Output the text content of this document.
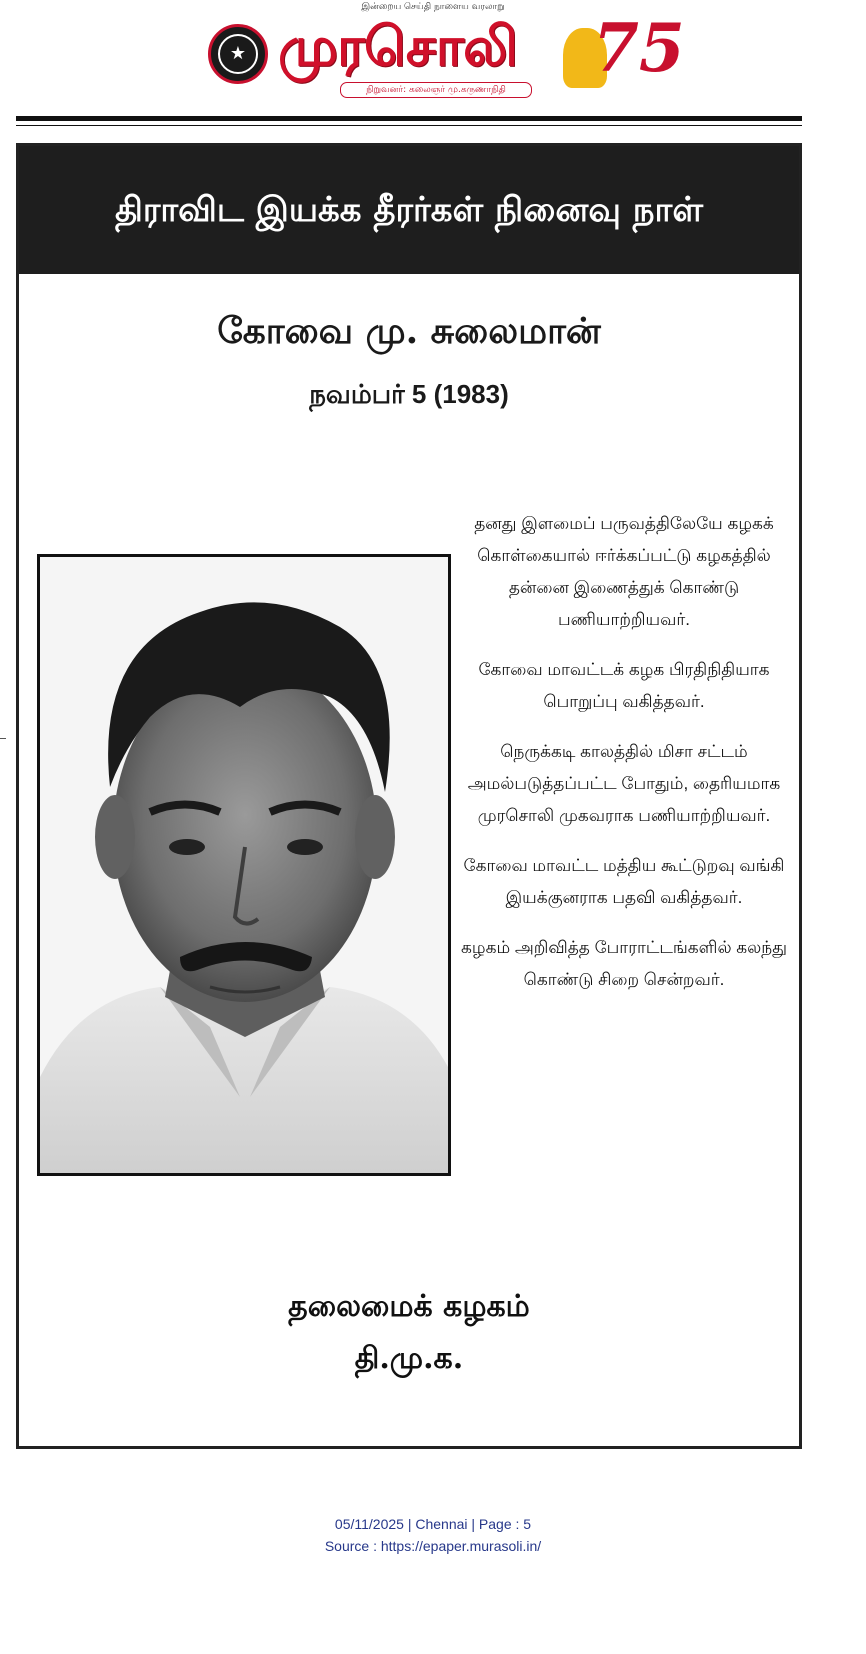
இன்றைய செய்தி நாளைய வரலாறு
★ முரசொலி
நிறுவனர்: கலைஞர் மு.கருணாநிதி
75
திராவிட இயக்க தீரர்கள் நினைவு நாள்
கோவை மு. சுலைமான்
நவம்பர் 5 (1983)

தனது இளமைப் பருவத்திலேயே கழகக் கொள்கையால் ஈர்க்கப்பட்டு கழகத்தில் தன்னை இணைத்துக் கொண்டு பணியாற்றியவர்.

கோவை மாவட்டக் கழக பிரதிநிதியாக பொறுப்பு வகித்தவர்.

நெருக்கடி காலத்தில் மிசா சட்டம் அமல்படுத்தப்பட்ட போதும், தைரியமாக முரசொலி முகவராக பணியாற்றியவர்.

கோவை மாவட்ட மத்திய கூட்டுறவு வங்கி இயக்குனராக பதவி வகித்தவர்.

கழகம் அறிவித்த போராட்டங்களில் கலந்து கொண்டு சிறை சென்றவர்.

தலைமைக் கழகம்
தி.மு.க.
05/11/2025 | Chennai | Page : 5
Source : https://epaper.murasoli.in/
